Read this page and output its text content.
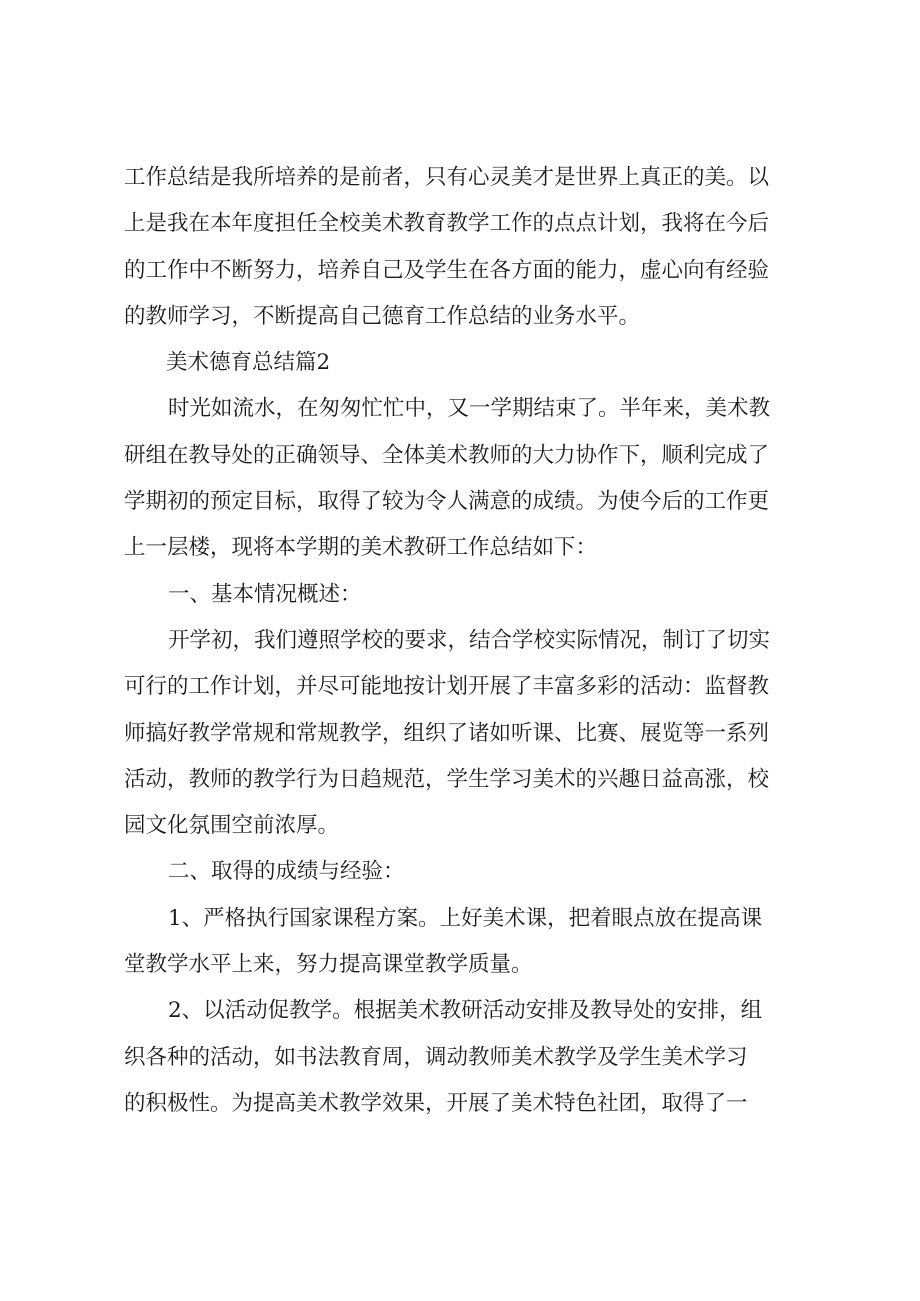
工作总结是我所培养的是前者，只有心灵美才是世界上真正的美。以
上是我在本年度担任全校美术教育教学工作的点点计划，我将在今后
的工作中不断努力，培养自己及学生在各方面的能力，虚心向有经验
的教师学习，不断提高自己德育工作总结的业务水平。
美术德育总结篇2
时光如流水，在匆匆忙忙中，又一学期结束了。半年来，美术教
研组在教导处的正确领导、全体美术教师的大力协作下，顺利完成了
学期初的预定目标，取得了较为令人满意的成绩。为使今后的工作更
上一层楼，现将本学期的美术教研工作总结如下：
一、基本情况概述：
开学初，我们遵照学校的要求，结合学校实际情况，制订了切实
可行的工作计划，并尽可能地按计划开展了丰富多彩的活动：监督教
师搞好教学常规和常规教学，组织了诸如听课、比赛、展览等一系列
活动，教师的教学行为日趋规范，学生学习美术的兴趣日益高涨，校
园文化氛围空前浓厚。
二、取得的成绩与经验：
1、严格执行国家课程方案。上好美术课，把着眼点放在提高课
堂教学水平上来，努力提高课堂教学质量。
2、以活动促教学。根据美术教研活动安排及教导处的安排，组
织各种的活动，如书法教育周，调动教师美术教学及学生美术学习
的积极性。为提高美术教学效果，开展了美术特色社团，取得了一
